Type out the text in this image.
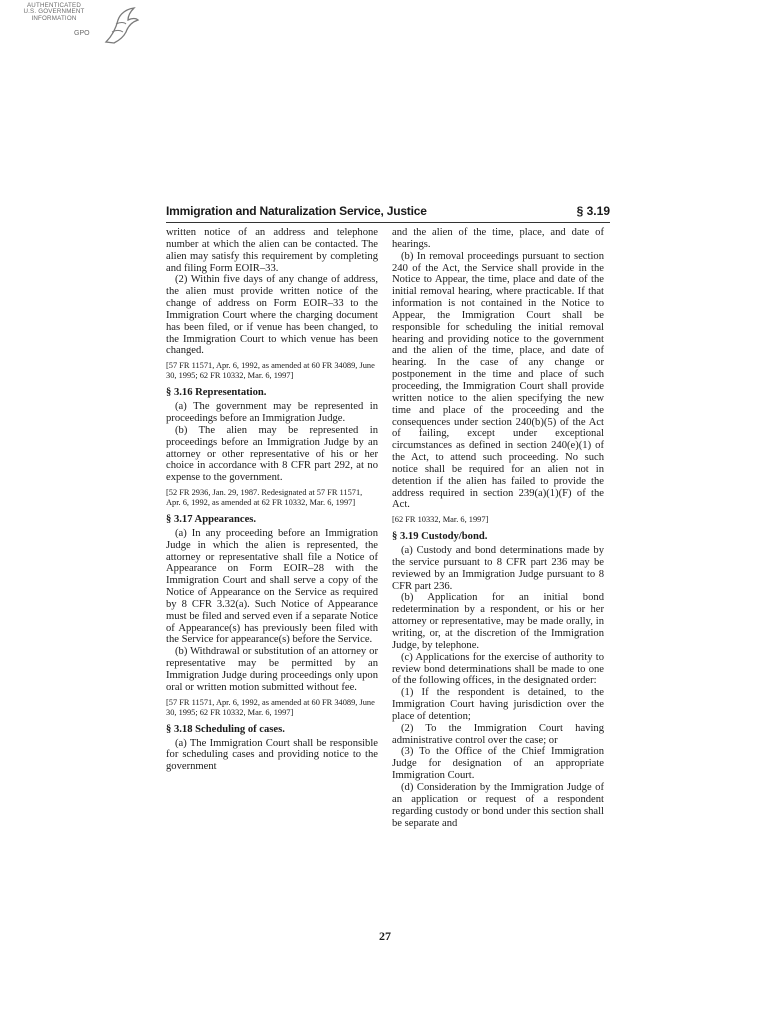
AUTHENTICATED
U.S. GOVERNMENT
INFORMATION
GPO
Immigration and Naturalization Service, Justice	§ 3.19

written notice of an address and telephone number at which the alien can be contacted. The alien may satisfy this requirement by completing and filing Form EOIR–33.

(2) Within five days of any change of address, the alien must provide written notice of the change of address on Form EOIR–33 to the Immigration Court where the charging document has been filed, or if venue has been changed, to the Immigration Court to which venue has been changed.

[57 FR 11571, Apr. 6, 1992, as amended at 60 FR 34089, June 30, 1995; 62 FR 10332, Mar. 6, 1997]

§ 3.16 Representation.

(a) The government may be represented in proceedings before an Immigration Judge.

(b) The alien may be represented in proceedings before an Immigration Judge by an attorney or other representative of his or her choice in accordance with 8 CFR part 292, at no expense to the government.

[52 FR 2936, Jan. 29, 1987. Redesignated at 57 FR 11571, Apr. 6, 1992, as amended at 62 FR 10332, Mar. 6, 1997]

§ 3.17 Appearances.

(a) In any proceeding before an Immigration Judge in which the alien is represented, the attorney or representative shall file a Notice of Appearance on Form EOIR–28 with the Immigration Court and shall serve a copy of the Notice of Appearance on the Service as required by 8 CFR 3.32(a). Such Notice of Appearance must be filed and served even if a separate Notice of Appearance(s) has previously been filed with the Service for appearance(s) before the Service.

(b) Withdrawal or substitution of an attorney or representative may be permitted by an Immigration Judge during proceedings only upon oral or written motion submitted without fee.

[57 FR 11571, Apr. 6, 1992, as amended at 60 FR 34089, June 30, 1995; 62 FR 10332, Mar. 6, 1997]

§ 3.18 Scheduling of cases.

(a) The Immigration Court shall be responsible for scheduling cases and providing notice to the government

and the alien of the time, place, and date of hearings.

(b) In removal proceedings pursuant to section 240 of the Act, the Service shall provide in the Notice to Appear, the time, place and date of the initial removal hearing, where practicable. If that information is not contained in the Notice to Appear, the Immigration Court shall be responsible for scheduling the initial removal hearing and providing notice to the government and the alien of the time, place, and date of hearing. In the case of any change or postponement in the time and place of such proceeding, the Immigration Court shall provide written notice to the alien specifying the new time and place of the proceeding and the consequences under section 240(b)(5) of the Act of failing, except under exceptional circumstances as defined in section 240(e)(1) of the Act, to attend such proceeding. No such notice shall be required for an alien not in detention if the alien has failed to provide the address required in section 239(a)(1)(F) of the Act.

[62 FR 10332, Mar. 6, 1997]

§ 3.19 Custody/bond.

(a) Custody and bond determinations made by the service pursuant to 8 CFR part 236 may be reviewed by an Immigration Judge pursuant to 8 CFR part 236.

(b) Application for an initial bond redetermination by a respondent, or his or her attorney or representative, may be made orally, in writing, or, at the discretion of the Immigration Judge, by telephone.

(c) Applications for the exercise of authority to review bond determinations shall be made to one of the following offices, in the designated order:

(1) If the respondent is detained, to the Immigration Court having jurisdiction over the place of detention;

(2) To the Immigration Court having administrative control over the case; or

(3) To the Office of the Chief Immigration Judge for designation of an appropriate Immigration Court.

(d) Consideration by the Immigration Judge of an application or request of a respondent regarding custody or bond under this section shall be separate and

27
